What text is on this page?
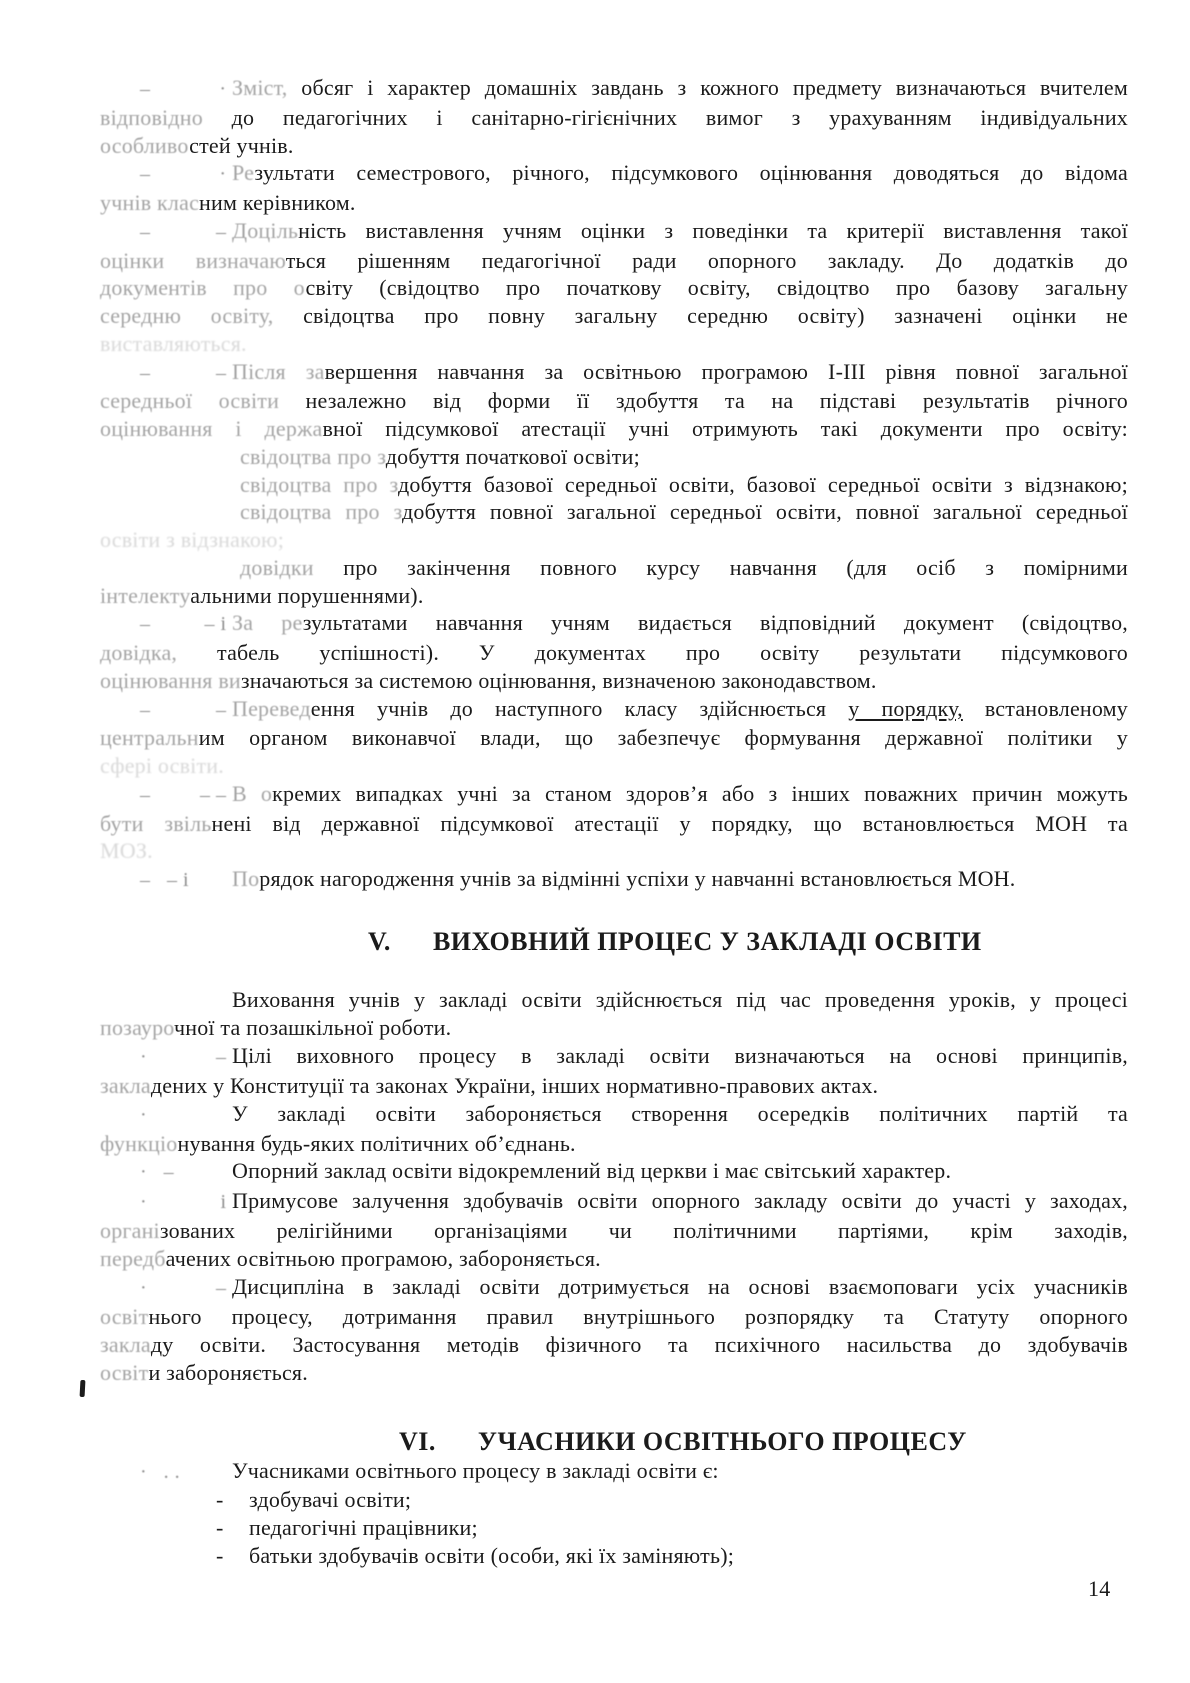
– ·Зміст, обсяг і характер домашніх завдань з кожного предмету визначаються вчителем
відповідно до педагогічних і санітарно-гігієнічних вимог з урахуванням індивідуальних
особливостей учнів.
– ·Результати семестрового, річного, підсумкового оцінювання доводяться до відома
учнів класним керівником.
– –Доцільність виставлення учням оцінки з поведінки та критерії виставлення такої
оцінки визначаються рішенням педагогічної ради опорного закладу. До додатків до
документів про освіту (свідоцтво про початкову освіту, свідоцтво про базову загальну
середню освіту, свідоцтва про повну загальну середню освіту) зазначені оцінки не
виставляються.
– –Після завершення навчання за освітньою програмою І-ІІІ рівня повної загальної
середньої освіти незалежно від форми її здобуття та на підставі результатів річного
оцінювання і державної підсумкової атестації учні отримують такі документи про освіту:
свідоцтва про здобуття початкової освіти;
свідоцтва про здобуття базової середньої освіти, базової середньої освіти з відзнакою;
свідоцтва про здобуття повної загальної середньої освіти, повної загальної середньої
освіти з відзнакою;
довідки про закінчення повного курсу навчання (для осіб з помірними
інтелектуальними порушеннями).
– –іЗа результатами навчання учням видається відповідний документ (свідоцтво,
довідка, табель успішності). У документах про освіту результати підсумкового
оцінювання визначаються за системою оцінювання, визначеною законодавством.
– –Переведення учнів до наступного класу здійснюється у порядку, встановленому
центральним органом виконавчої влади, що забезпечує формування державної політики у
сфері освіти.
– ––В окремих випадках учні за станом здоров’я або з інших поважних причин можуть
бути звільнені від державної підсумкової атестації у порядку, що встановлюється МОН та
МОЗ.
– –і Порядок нагородження учнів за відмінні успіхи у навчанні встановлюється МОН.
V. ВИХОВНИЙ ПРОЦЕС У ЗАКЛАДІ ОСВІТИ
Виховання учнів у закладі освіти здійснюється під час проведення уроків, у процесі
позаурочної та позашкільної роботи.
· –Цілі виховного процесу в закладі освіти визначаються на основі принципів,
закладених у Конституції та законах України, інших нормативно-правових актах.
·	У закладі освіти забороняється створення осередків політичних партій та
функціонування будь-яких політичних об’єднань.
· – Опорний заклад освіти відокремлений від церкви і має світський характер.
· іПримусове залучення здобувачів освіти опорного закладу освіти до участі у заходах,
організованих релігійними організаціями чи політичними партіями, крім заходів,
передбачених освітньою програмою, забороняється.
· –Дисципліна в закладі освіти дотримується на основі взаємоповаги усіх учасників
освітнього процесу, дотримання правил внутрішнього розпорядку та Статуту опорного
закладу освіти. Застосування методів фізичного та психічного насильства до здобувачів
освіти забороняється.
VI. УЧАСНИКИ ОСВІТНЬОГО ПРОЦЕСУ
· .. Учасниками освітнього процесу в закладі освіти є:
- здобувачі освіти;
- педагогічні працівники;
- батьки здобувачів освіти (особи, які їх заміняють);
14
